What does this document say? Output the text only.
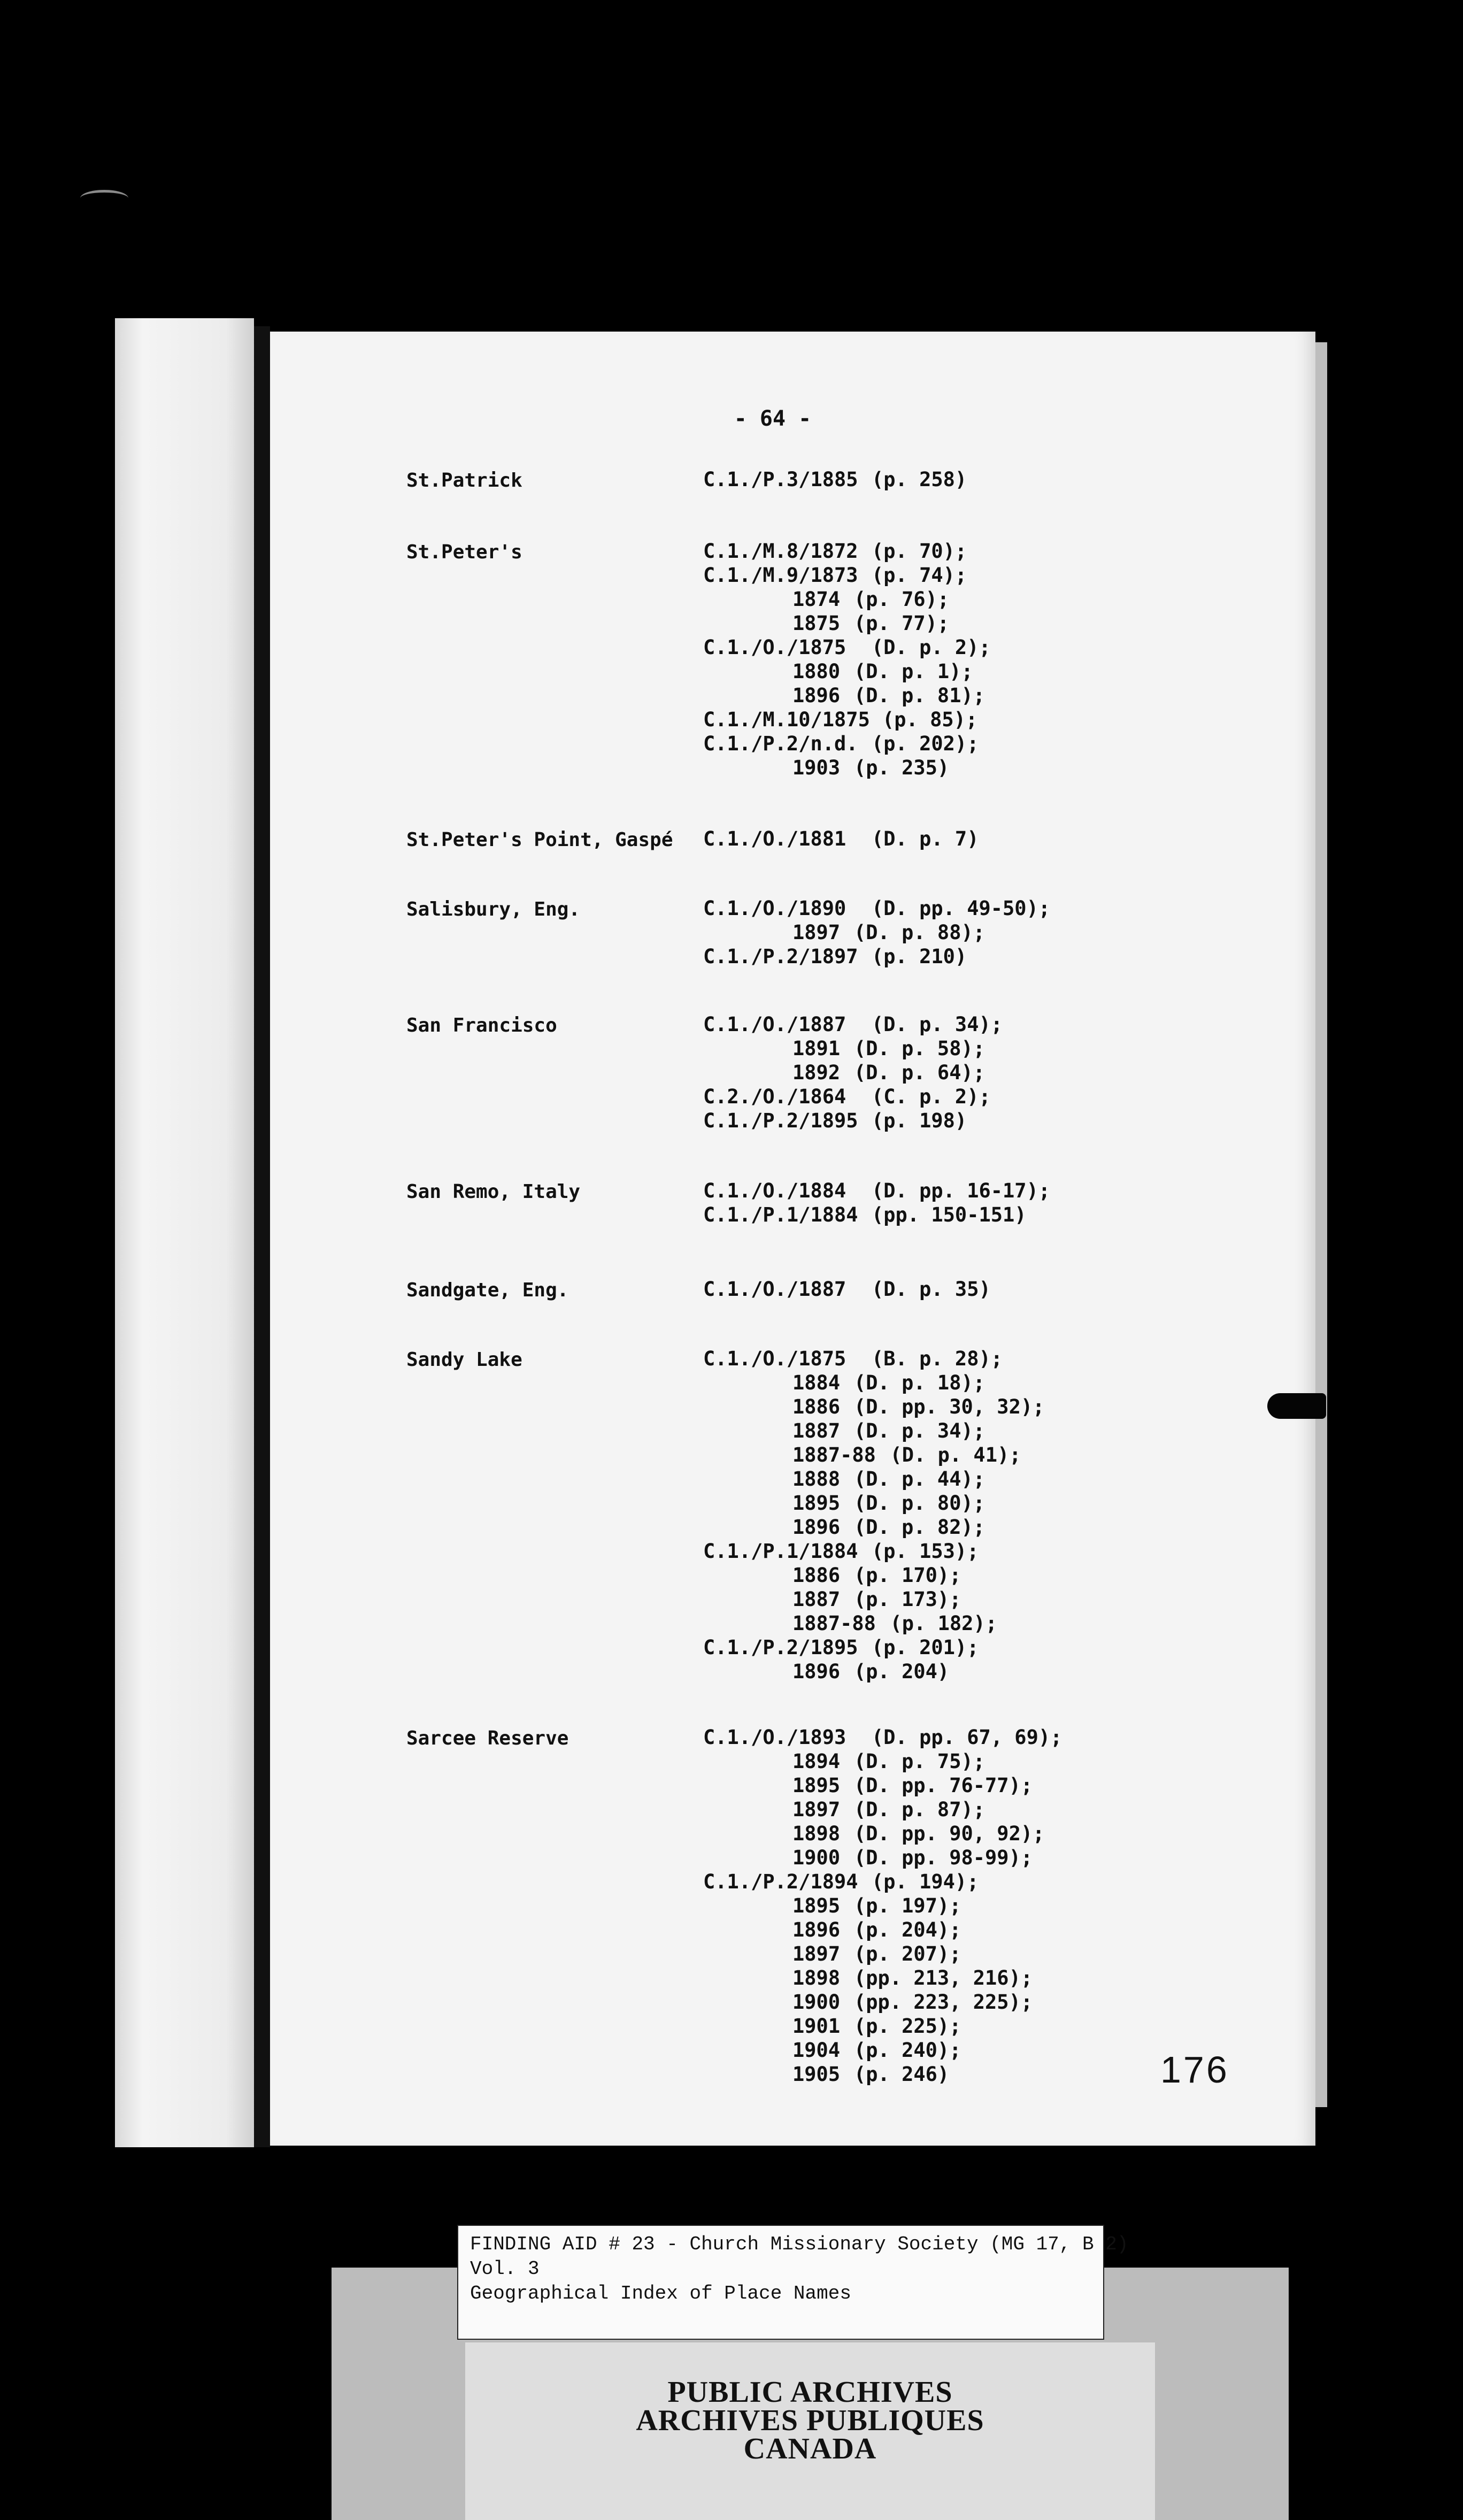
- 64 -
St.Patrick	C.1./P.3/1885 (p. 258)
St.Peter's	C.1./M.8/1872 (p. 70);
C.1./M.9/1873 (p. 74);
1874 (p. 76);
1875 (p. 77);
C.1./O./1875 (D. p. 2);
1880 (D. p. 1);
1896 (D. p. 81);
C.1./M.10/1875 (p. 85);
C.1./P.2/n.d. (p. 202);
1903 (p. 235)
St.Peter's Point, Gaspé	C.1./O./1881 (D. p. 7)
Salisbury, Eng.	C.1./O./1890 (D. pp. 49-50);
1897 (D. p. 88);
C.1./P.2/1897 (p. 210)
San Francisco	C.1./O./1887 (D. p. 34);
1891 (D. p. 58);
1892 (D. p. 64);
C.2./O./1864 (C. p. 2);
C.1./P.2/1895 (p. 198)
San Remo, Italy	C.1./O./1884 (D. pp. 16-17);
C.1./P.1/1884 (pp. 150-151)
Sandgate, Eng.	C.1./O./1887 (D. p. 35)
Sandy Lake	C.1./O./1875 (B. p. 28);
1884 (D. p. 18);
1886 (D. pp. 30, 32);
1887 (D. p. 34);
1887-88 (D. p. 41);
1888 (D. p. 44);
1895 (D. p. 80);
1896 (D. p. 82);
C.1./P.1/1884 (p. 153);
1886 (p. 170);
1887 (p. 173);
1887-88 (p. 182);
C.1./P.2/1895 (p. 201);
1896 (p. 204)
Sarcee Reserve	C.1./O./1893 (D. pp. 67, 69);
1894 (D. p. 75);
1895 (D. pp. 76-77);
1897 (D. p. 87);
1898 (D. pp. 90, 92);
1900 (D. pp. 98-99);
C.1./P.2/1894 (p. 194);
1895 (p. 197);
1896 (p. 204);
1897 (p. 207);
1898 (pp. 213, 216);
1900 (pp. 223, 225);
1901 (p. 225);
1904 (p. 240);
1905 (p. 246)	176
PUBLIC ARCHIVES
ARCHIVES PUBLIQUES
CANADA
FINDING AID # 23 - Church Missionary Society (MG 17, B 2)
Vol. 3
Geographical Index of Place Names
